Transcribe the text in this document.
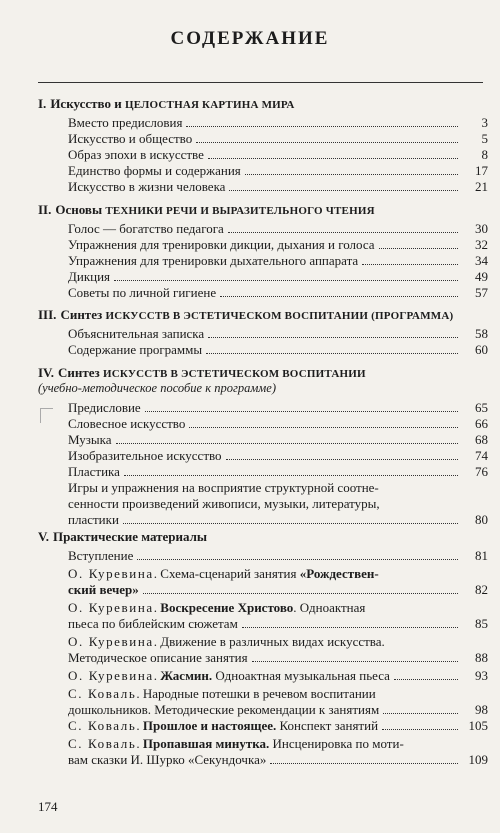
СОДЕРЖАНИЕ
I. Искусство и ЦЕЛОСТНАЯ КАРТИНА МИРА
Вместо предисловия	3
Искусство и общество	5
Образ эпохи в искусстве	8
Единство формы и содержания	17
Искусство в жизни человека	21
II. Основы ТЕХНИКИ РЕЧИ И ВЫРАЗИТЕЛЬНОГО ЧТЕНИЯ
Голос — богатство педагога	30
Упражнения для тренировки дикции, дыхания и голоса	32
Упражнения для тренировки дыхательного аппарата	34
Дикция	49
Советы по личной гигиене	57
III. Синтез ИСКУССТВ В ЭСТЕТИЧЕСКОМ ВОСПИТАНИИ (ПРОГРАММА)
Объяснительная записка	58
Содержание программы	60
IV. Синтез ИСКУССТВ В ЭСТЕТИЧЕСКОМ ВОСПИТАНИИ
(учебно-методическое пособие к программе)
Предисловие	65
Словесное искусство	66
Музыка	68
Изобразительное искусство	74
Пластика	76
Игры и упражнения на восприятие структурной соотне-
сенности произведений живописи, музыки, литературы,
пластики	80
V. Практические материалы
Вступление	81
О. Куревина. Схема-сценарий занятия «Рождествен-
ский вечер»	82
О. Куревина. Воскресение Христово. Одноактная
пьеса по библейским сюжетам	85
О. Куревина. Движение в различных видах искусства.
Методическое описание занятия	88
О. Куревина. Жасмин. Одноактная музыкальная пьеса	93
С. Коваль. Народные потешки в речевом воспитании
дошкольников. Методические рекомендации к занятиям	98
С. Коваль. Прошлое и настоящее. Конспект занятий	105
С. Коваль. Пропавшая минутка. Инсценировка по моти-
вам сказки И. Шурко «Секундочка»	109
174
